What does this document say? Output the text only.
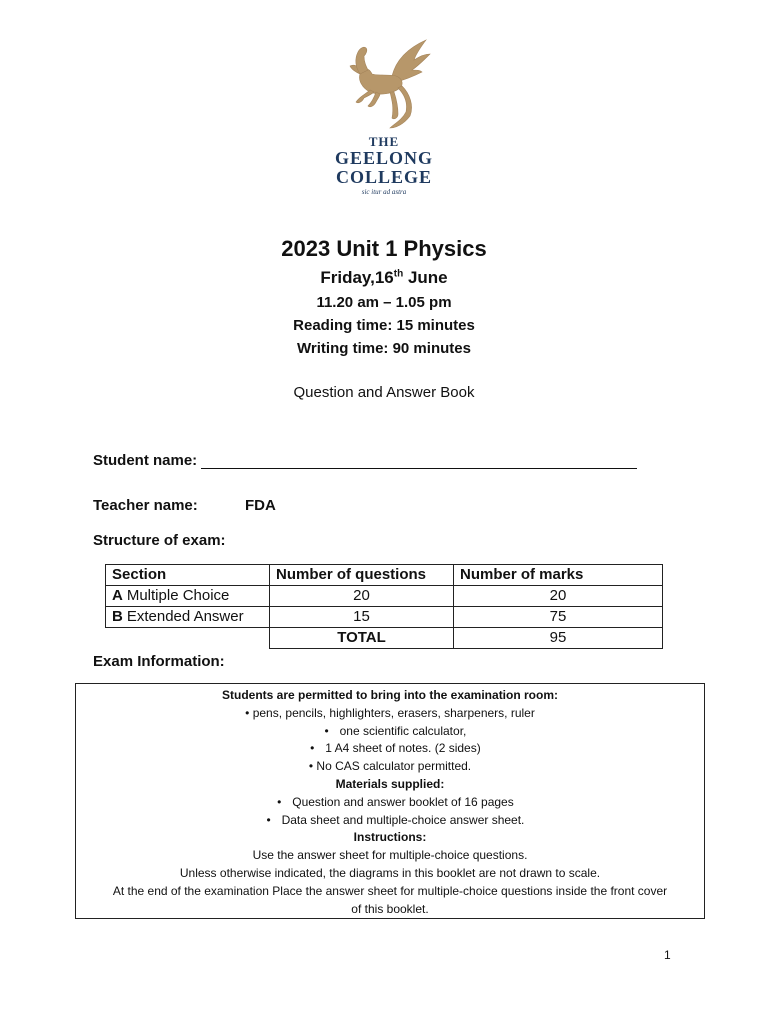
THE
GEELONG
COLLEGE
sic itur ad astra
2023 Unit 1 Physics
Friday,16th June
11.20 am – 1.05 pm
Reading time: 15 minutes
Writing time: 90 minutes
Question and Answer Book
Student name:
Teacher name:	FDA
Structure of exam:
Section	Number of questions	Number of marks
A Multiple Choice	20	20
B Extended Answer	15	75
	TOTAL	95
Exam Information:
Students are permitted to bring into the examination room:
• pens, pencils, highlighters, erasers, sharpeners, ruler
• one scientific calculator,
• 1 A4 sheet of notes. (2 sides)
• No CAS calculator permitted.
Materials supplied:
• Question and answer booklet of 16 pages
• Data sheet and multiple-choice answer sheet.
Instructions:
Use the answer sheet for multiple-choice questions.
Unless otherwise indicated, the diagrams in this booklet are not drawn to scale.
At the end of the examination Place the answer sheet for multiple-choice questions inside the front cover
of this booklet.
1
